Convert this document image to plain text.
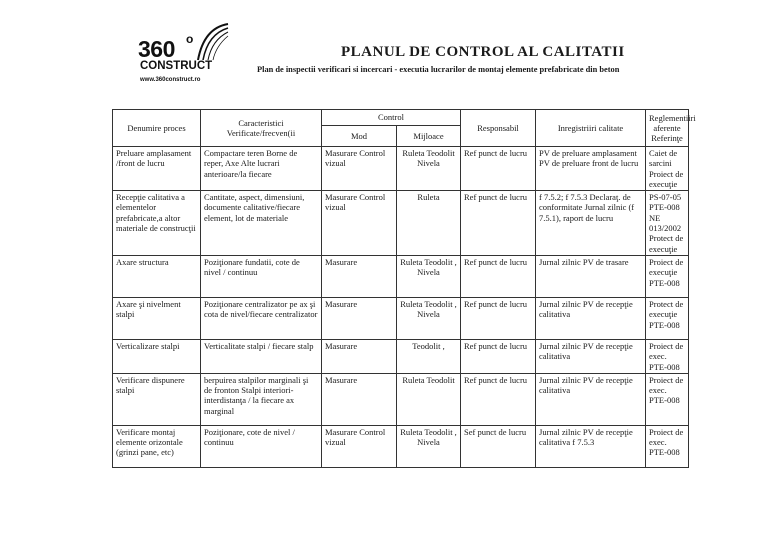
360 o
CONSTRUCT
www.360construct.ro
PLANUL DE CONTROL AL CALITATII
Plan de inspectii verificari si incercari - executia lucrarilor de montaj elemente prefabricate din beton
Denumire proces	Caracteristici Verificate/frecven(ii	Control		Responsabil	Inregistriiri calitate	Reglementiiri aferente Referinţe
		Mod	Mijloace			
Preluare amplasament /front de lucru	Compactare teren Borne de reper, Axe Alte lucrari anterioare/la fiecare	Masurare Control vizual	Ruleta Teodolit Nivela	Ref punct de lucru	PV de preluare amplasament PV de preluare front de lucru	Caiet de sarcini Proiect de execuţie
Recepţie calitativa a elementelor prefabricate,a altor materiale de construcţii	Cantitate, aspect, dimensiuni, documente calitative/fiecare element, lot de materiale	Masurare Control vizual	Ruleta	Ref punct de lucru	f 7.5.2; f 7.5.3 Declaraţ. de conformitate Jurnal zilnic (f 7.5.1), raport de lucru	PS-07-05 PTE-008 NE 013/2002 Protect de execuţie
Axare structura	Poziţionare fundatii, cote de nivel / continuu	Masurare	Ruleta Teodolit , Nivela	Ref punct de lucru	Jurnal zilnic PV de trasare	Proiect de execuţie PTE-008
Axare şi nivelment stalpi	Poziţionare centralizator pe ax şi cota de nivel/fiecare centralizator	Masurare	Ruleta Teodolit , Nivela	Ref punct de lucru	Jurnal zilnic PV de recepţie calitativa	Protect de execuţie PTE-008
Verticalizare stalpi	Verticalitate stalpi / fiecare stalp	Masurare	Teodolit ,	Ref punct de lucru	Jurnal zilnic PV de recepţie calitativa	Proiect de exec. PTE-008
Verificare dispunere stalpi	berpuirea stalpilor marginali şi de fronton Stalpi interiori-interdistanţa / la fiecare ax marginal	Masurare	Ruleta Teodolit	Ref punct de lucru	Jurnal zilnic PV de recepţie calitativa	Proiect de exec. PTE-008
Verificare montaj elemente orizontale (grinzi pane, etc)	Poziţionare, cote de nivel / continuu	Masurare Control vizual	Ruleta Teodolit , Nivela	Sef punct de lucru	Jurnal zilnic PV de recepţie calitativa f 7.5.3	Proiect de exec. PTE-008
